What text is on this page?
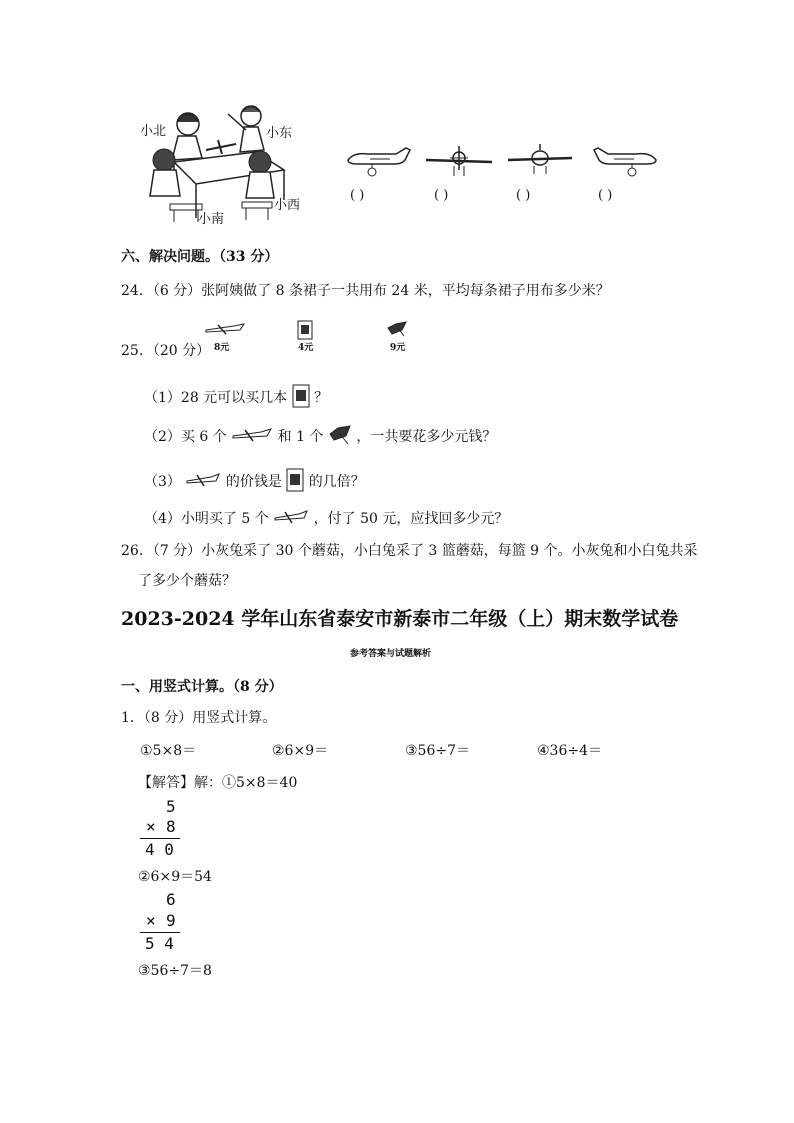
小北	小东
小南
小西
( )	( )	( )	( )
六、解决问题。（33 分）
24．（6 分）张阿姨做了 8 条裙子一共用布 24 米，平均每条裙子用布多少米？
25．（20 分） 8元	4元	9元
（1）28 元可以买几本 ？
（2）买 6 个	和 1 个 ，一共要花多少元钱？
（3）	的价钱是 的几倍？
（4）小明买了 5 个	，付了 50 元，应找回多少元？
26．（7 分）小灰兔采了 30 个蘑菇，小白兔采了 3 篮蘑菇，每篮 9 个。小灰兔和小白兔共采
了多少个蘑菇？
2023-2024 学年山东省泰安市新泰市二年级（上）期末数学试卷
参考答案与试题解析
一、用竖式计算。（8 分）
1．（8 分）用竖式计算。
①5×8＝	②6×9＝	③56÷7＝	④36÷4＝
【解答】解：①5×8＝40
5
× 8
4 0
②6×9＝54
6
× 9
5 4
③56÷7＝8
